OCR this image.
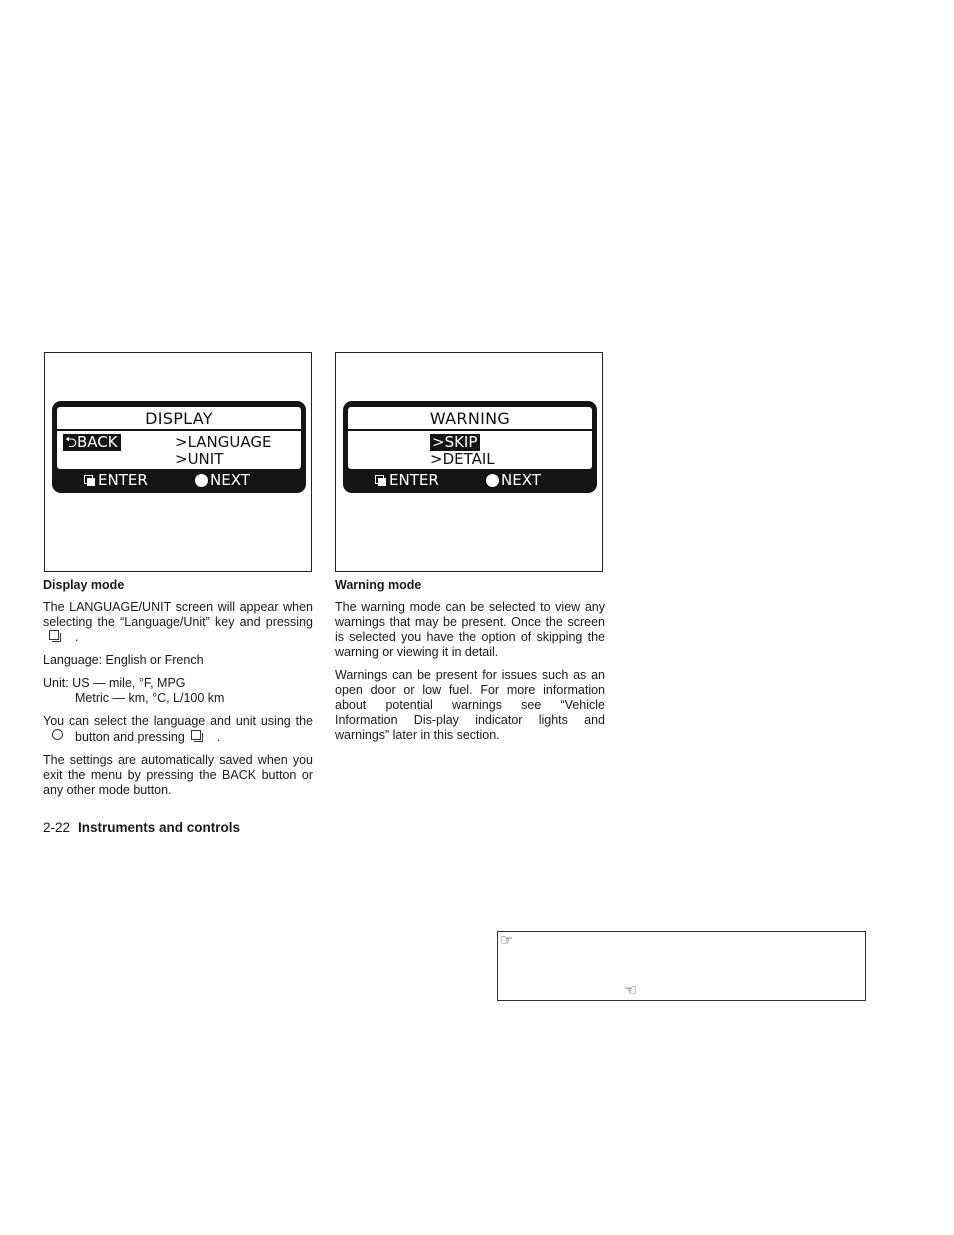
DISPLAY
⮌BACK	>LANGUAGE
>UNIT
ENTER	NEXT
WARNING
>SKIP
>DETAIL
ENTER	NEXT
Display mode
The LANGUAGE/UNIT screen will appear when selecting the “Language/Unit” key and pressing.
Language: English or French
Unit: US — mile, °F, MPG
Metric — km, °C, L/100 km
You can select the language and unit using thebutton and pressing	.
The settings are automatically saved when you exit the menu by pressing the BACK button or any other mode button.
Warning mode
The warning mode can be selected to view any warnings that may be present. Once the screen is selected you have the option of skipping the warning or viewing it in detail.
Warnings can be present for issues such as an open door or low fuel. For more information about potential warnings see “Vehicle Information Dis-play indicator lights and warnings” later in this section.
2-22 Instruments and controls
☞
☜
